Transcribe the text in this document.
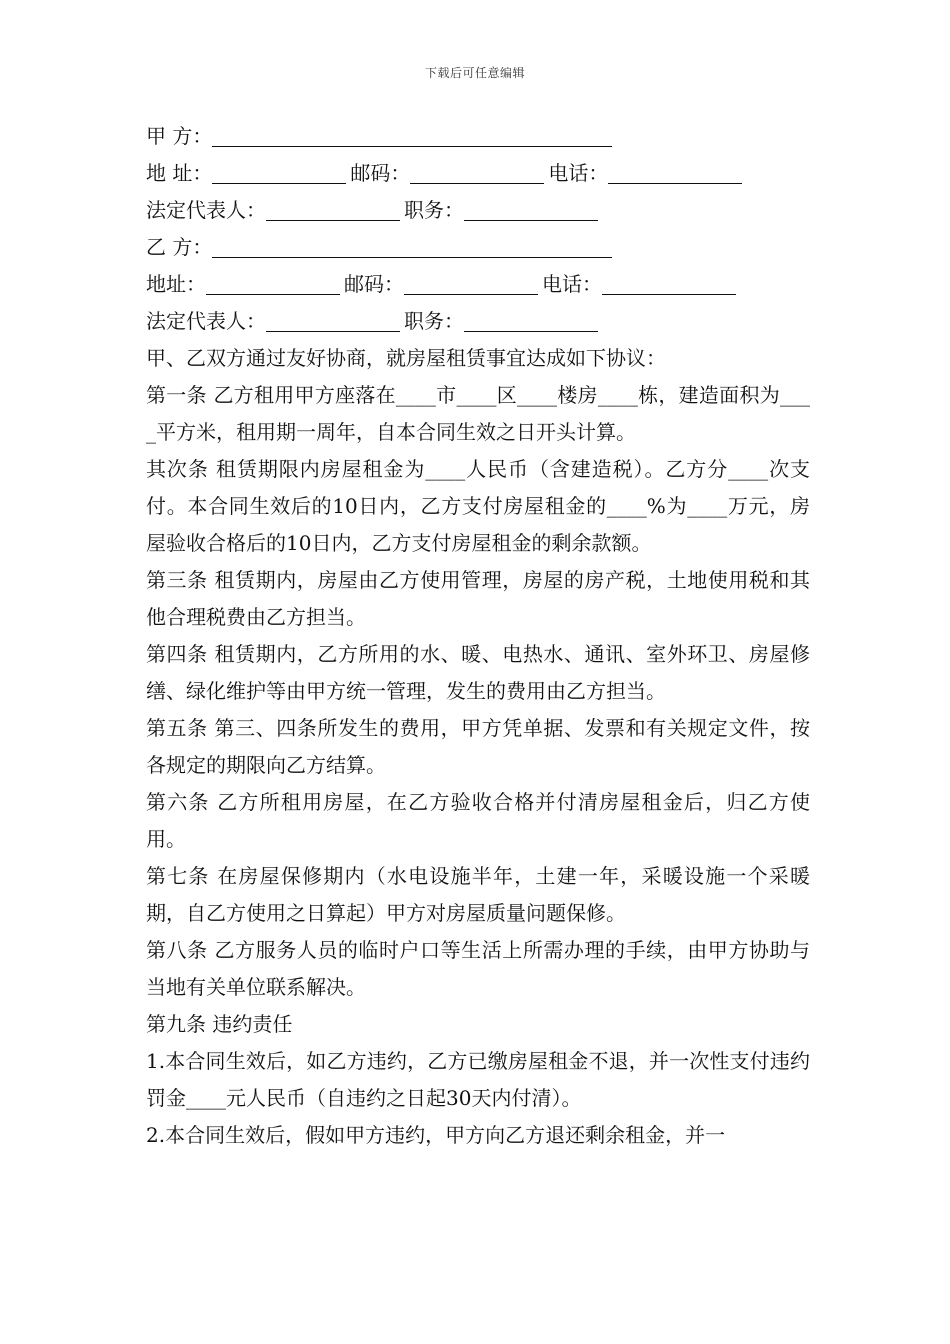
下载后可任意编辑
甲 方：
地 址：	邮码：	电话：
法定代表人：	职务：
乙 方：
地址：	邮码：	电话：
法定代表人：	职务：
甲、乙双方通过友好协商，就房屋租赁事宜达成如下协议：
第一条 乙方租用甲方座落在____市____区____楼房____栋，建造面积为____平方米，租用期一周年，自本合同生效之日开头计算。
其次条 租赁期限内房屋租金为____人民币（含建造税）。乙方分____次支付。本合同生效后的10日内，乙方支付房屋租金的____%为____万元，房屋验收合格后的10日内，乙方支付房屋租金的剩余款额。
第三条 租赁期内，房屋由乙方使用管理，房屋的房产税，土地使用税和其他合理税费由乙方担当。
第四条 租赁期内，乙方所用的水、暖、电热水、通讯、室外环卫、房屋修缮、绿化维护等由甲方统一管理，发生的费用由乙方担当。
第五条 第三、四条所发生的费用，甲方凭单据、发票和有关规定文件，按各规定的期限向乙方结算。
第六条 乙方所租用房屋，在乙方验收合格并付清房屋租金后，归乙方使用。
第七条 在房屋保修期内（水电设施半年，土建一年，采暖设施一个采暖期，自乙方使用之日算起）甲方对房屋质量问题保修。
第八条 乙方服务人员的临时户口等生活上所需办理的手续，由甲方协助与当地有关单位联系解决。
第九条 违约责任
1.本合同生效后，如乙方违约，乙方已缴房屋租金不退，并一次性支付违约罚金____元人民币（自违约之日起30天内付清）。
2.本合同生效后，假如甲方违约，甲方向乙方退还剩余租金，并一
